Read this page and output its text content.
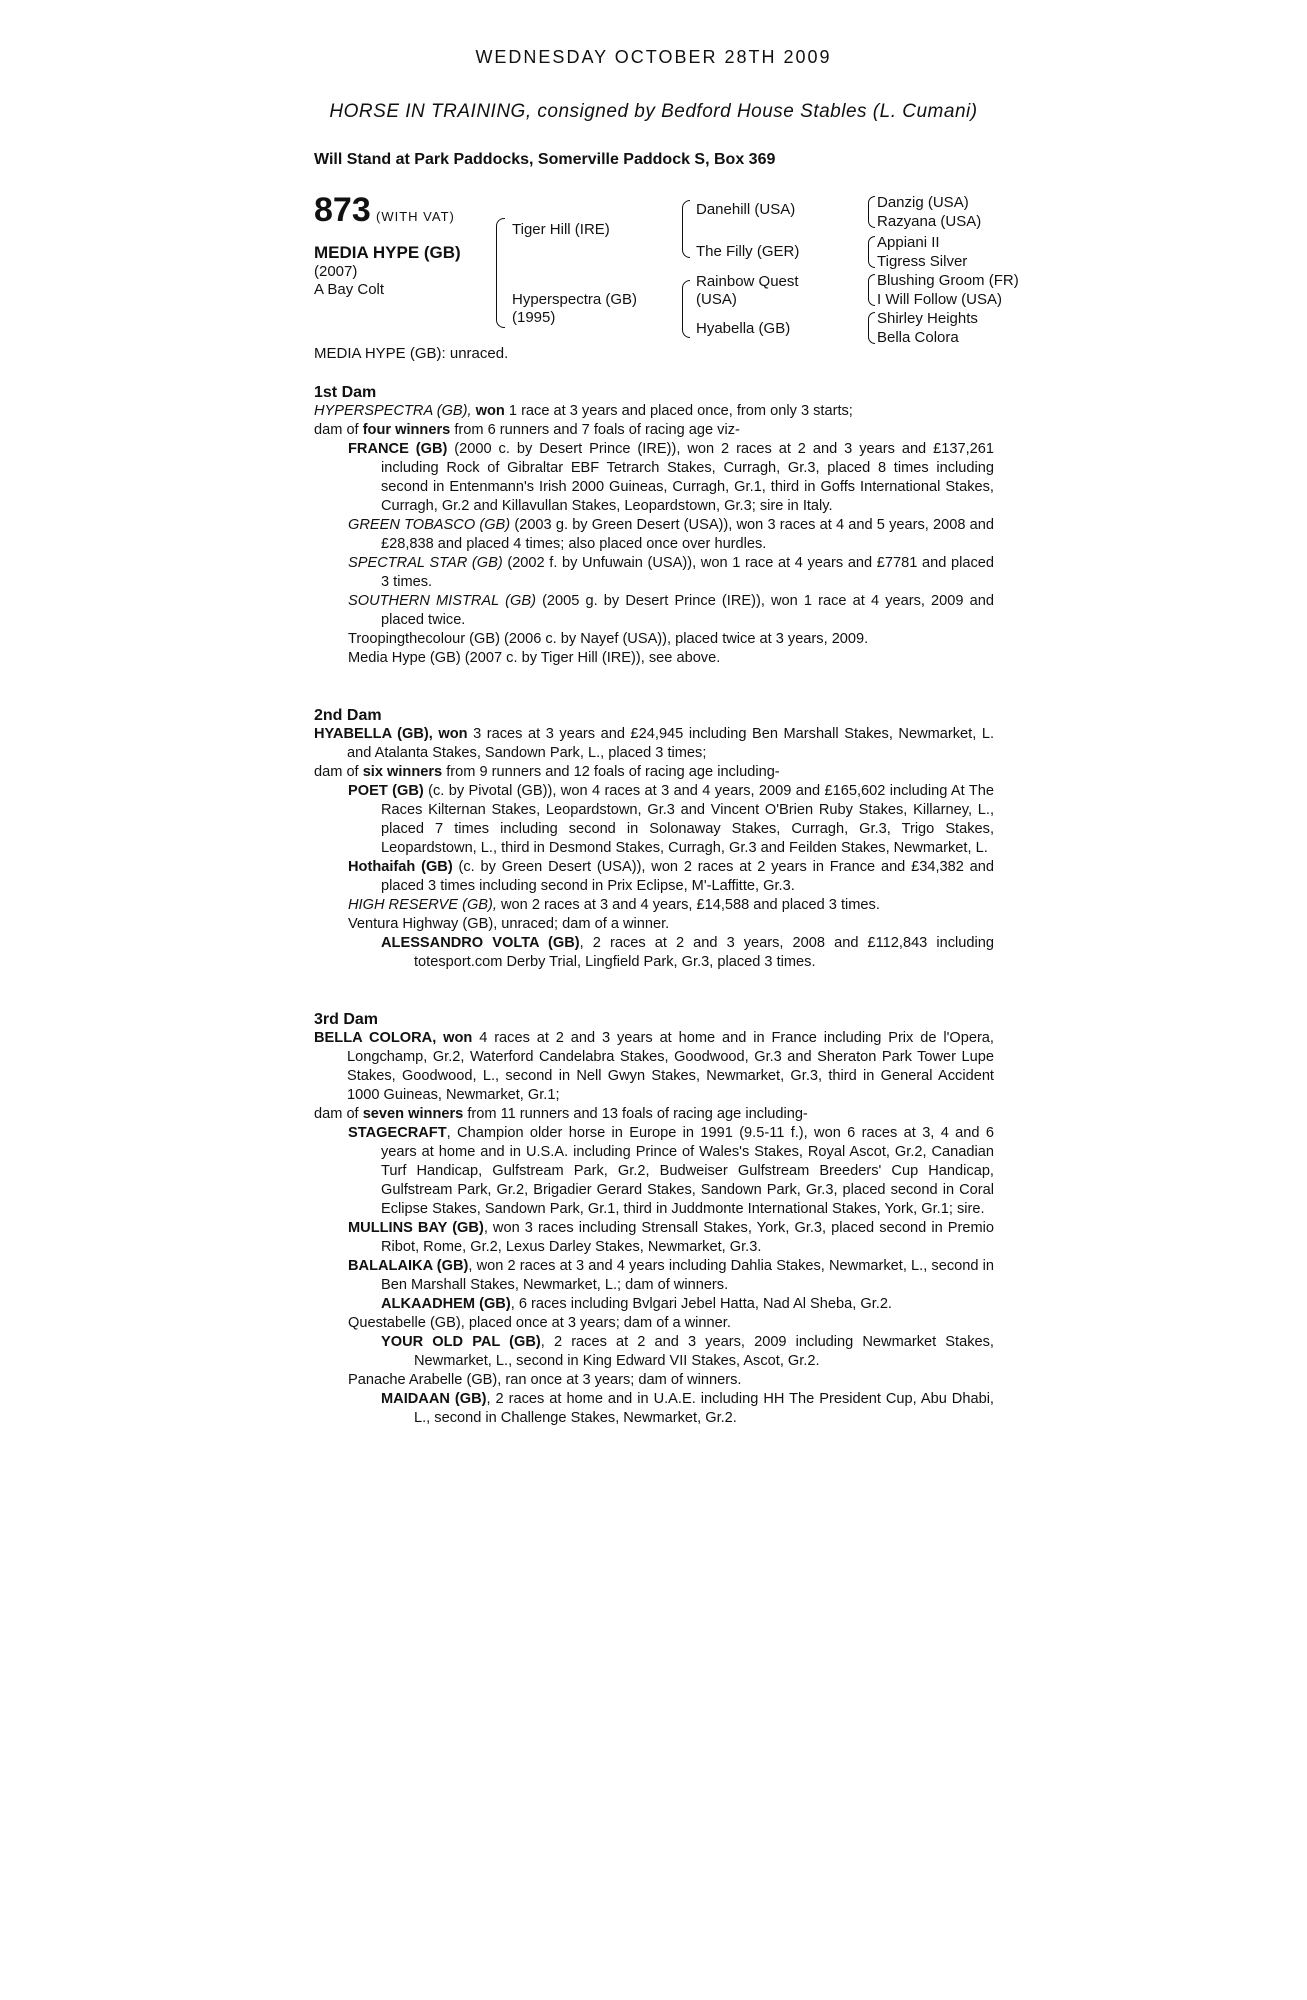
WEDNESDAY OCTOBER 28TH 2009
HORSE IN TRAINING, consigned by Bedford House Stables (L. Cumani)
Will Stand at Park Paddocks, Somerville Paddock S, Box 369
873 (WITH VAT)
MEDIA HYPE (GB)
(2007)
A Bay Colt
Tiger Hill (IRE)
Hyperspectra (GB)
(1995)
Danehill (USA)
The Filly (GER)
Rainbow Quest
(USA)
Hyabella (GB)
Danzig (USA)
Razyana (USA)
Appiani II
Tigress Silver
Blushing Groom (FR)
I Will Follow (USA)
Shirley Heights
Bella Colora
MEDIA HYPE (GB): unraced.
1st Dam

HYPERSPECTRA (GB), won 1 race at 3 years and placed once, from only 3 starts;

dam of four winners from 6 runners and 7 foals of racing age viz-

FRANCE (GB) (2000 c. by Desert Prince (IRE)), won 2 races at 2 and 3 years and £137,261 including Rock of Gibraltar EBF Tetrarch Stakes, Curragh, Gr.3, placed 8 times including second in Entenmann's Irish 2000 Guineas, Curragh, Gr.1, third in Goffs International Stakes, Curragh, Gr.2 and Killavullan Stakes, Leopardstown, Gr.3; sire in Italy.

GREEN TOBASCO (GB) (2003 g. by Green Desert (USA)), won 3 races at 4 and 5 years, 2008 and £28,838 and placed 4 times; also placed once over hurdles.

SPECTRAL STAR (GB) (2002 f. by Unfuwain (USA)), won 1 race at 4 years and £7781 and placed 3 times.

SOUTHERN MISTRAL (GB) (2005 g. by Desert Prince (IRE)), won 1 race at 4 years, 2009 and placed twice.

Troopingthecolour (GB) (2006 c. by Nayef (USA)), placed twice at 3 years, 2009.

Media Hype (GB) (2007 c. by Tiger Hill (IRE)), see above.

2nd Dam

HYABELLA (GB), won 3 races at 3 years and £24,945 including Ben Marshall Stakes, Newmarket, L. and Atalanta Stakes, Sandown Park, L., placed 3 times;

dam of six winners from 9 runners and 12 foals of racing age including-

POET (GB) (c. by Pivotal (GB)), won 4 races at 3 and 4 years, 2009 and £165,602 including At The Races Kilternan Stakes, Leopardstown, Gr.3 and Vincent O'Brien Ruby Stakes, Killarney, L., placed 7 times including second in Solonaway Stakes, Curragh, Gr.3, Trigo Stakes, Leopardstown, L., third in Desmond Stakes, Curragh, Gr.3 and Feilden Stakes, Newmarket, L.

Hothaifah (GB) (c. by Green Desert (USA)), won 2 races at 2 years in France and £34,382 and placed 3 times including second in Prix Eclipse, M'-Laffitte, Gr.3.

HIGH RESERVE (GB), won 2 races at 3 and 4 years, £14,588 and placed 3 times.

Ventura Highway (GB), unraced; dam of a winner.

ALESSANDRO VOLTA (GB), 2 races at 2 and 3 years, 2008 and £112,843 including totesport.com Derby Trial, Lingfield Park, Gr.3, placed 3 times.

3rd Dam

BELLA COLORA, won 4 races at 2 and 3 years at home and in France including Prix de l'Opera, Longchamp, Gr.2, Waterford Candelabra Stakes, Goodwood, Gr.3 and Sheraton Park Tower Lupe Stakes, Goodwood, L., second in Nell Gwyn Stakes, Newmarket, Gr.3, third in General Accident 1000 Guineas, Newmarket, Gr.1;

dam of seven winners from 11 runners and 13 foals of racing age including-

STAGECRAFT, Champion older horse in Europe in 1991 (9.5-11 f.), won 6 races at 3, 4 and 6 years at home and in U.S.A. including Prince of Wales's Stakes, Royal Ascot, Gr.2, Canadian Turf Handicap, Gulfstream Park, Gr.2, Budweiser Gulfstream Breeders' Cup Handicap, Gulfstream Park, Gr.2, Brigadier Gerard Stakes, Sandown Park, Gr.3, placed second in Coral Eclipse Stakes, Sandown Park, Gr.1, third in Juddmonte International Stakes, York, Gr.1; sire.

MULLINS BAY (GB), won 3 races including Strensall Stakes, York, Gr.3, placed second in Premio Ribot, Rome, Gr.2, Lexus Darley Stakes, Newmarket, Gr.3.

BALALAIKA (GB), won 2 races at 3 and 4 years including Dahlia Stakes, Newmarket, L., second in Ben Marshall Stakes, Newmarket, L.; dam of winners.

ALKAADHEM (GB), 6 races including Bvlgari Jebel Hatta, Nad Al Sheba, Gr.2.

Questabelle (GB), placed once at 3 years; dam of a winner.

YOUR OLD PAL (GB), 2 races at 2 and 3 years, 2009 including Newmarket Stakes, Newmarket, L., second in King Edward VII Stakes, Ascot, Gr.2.

Panache Arabelle (GB), ran once at 3 years; dam of winners.

MAIDAAN (GB), 2 races at home and in U.A.E. including HH The President Cup, Abu Dhabi, L., second in Challenge Stakes, Newmarket, Gr.2.
